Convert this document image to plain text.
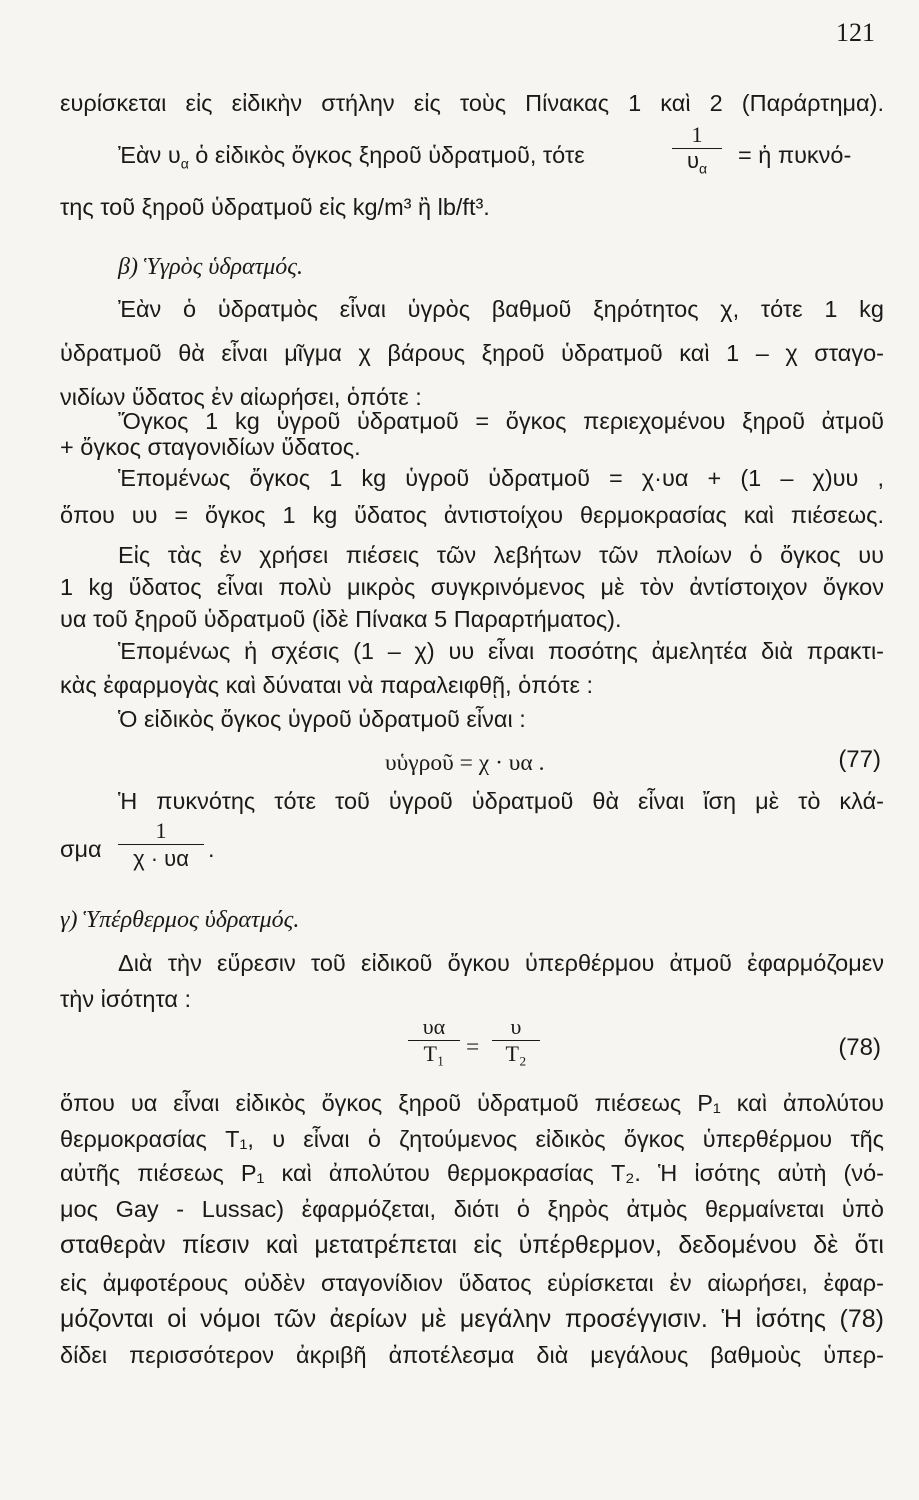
121
ευρίσκεται εἰς εἰδικὴν στήλην εἰς τοὺς Πίνακας 1 καὶ 2 (Παράρτημα).
Ἐὰν $\upsilon_\alpha$ ὁ εἰδικὸς ὄγκος ξηροῦ ὑδρατμοῦ, τότε	$\frac{1}{\upsilon_\alpha}$ = ἡ πυκνό-
της τοῦ ξηροῦ ὑδρατμοῦ εἰς kg/m³ ἢ lb/ft³.
β) Ὑγρὸς ὑδρατμός.
Ἐὰν ὁ ὑδρατμὸς εἶναι ὑγρὸς βαθμοῦ ξηρότητος χ, τότε 1 kg
ὑδρατμοῦ θὰ εἶναι μῖγμα χ βάρους ξηροῦ ὑδρατμοῦ καὶ 1 – χ σταγο-
νιδίων ὕδατος ἐν αἰωρήσει, ὁπότε :
Ὄγκος 1 kg ὑγροῦ ὑδρατμοῦ = ὄγκος περιεχομένου ξηροῦ ἀτμοῦ
+ ὄγκος σταγονιδίων ὕδατος.
Ἑπομένως ὄγκος 1 kg ὑγροῦ ὑδρατμοῦ = χ·υα + (1 – χ)υυ ,
ὅπου υυ = ὄγκος 1 kg ὕδατος ἀντιστοίχου θερμοκρασίας καὶ πιέσεως.
Εἰς τὰς ἐν χρήσει πιέσεις τῶν λεβήτων τῶν πλοίων ὁ ὄγκος υυ
1 kg ὕδατος εἶναι πολὺ μικρὸς συγκρινόμενος μὲ τὸν ἀντίστοιχον ὄγκον
υα τοῦ ξηροῦ ὑδρατμοῦ (ἰδὲ Πίνακα 5 Παραρτήματος).
Ἑπομένως ἡ σχέσις (1 – χ) υυ εἶναι ποσότης ἀμελητέα διὰ πρακτι-
κὰς ἐφαρμογὰς καὶ δύναται νὰ παραλειφθῇ, ὁπότε :
Ὁ εἰδικὸς ὄγκος ὑγροῦ ὑδρατμοῦ εἶναι :
υὑγροῦ = χ · υα .	(77)
Ἡ πυκνότης τότε τοῦ ὑγροῦ ὑδρατμοῦ θὰ εἶναι ἴση μὲ τὸ κλά-
σμα $\frac{1}{\chi \cdot \upsilon\alpha}$ .
γ) Ὑπέρθερμος ὑδρατμός.
Διὰ τὴν εὕρεσιν τοῦ εἰδικοῦ ὄγκου ὑπερθέρμου ἀτμοῦ ἐφαρμόζομεν
τὴν ἰσότητα :
υα
T₁ =
υ
T₂	(78)
ὅπου υα εἶναι εἰδικὸς ὄγκος ξηροῦ ὑδρατμοῦ πιέσεως P₁ καὶ ἀπολύτου
θερμοκρασίας T₁, υ εἶναι ὁ ζητούμενος εἰδικὸς ὄγκος ὑπερθέρμου τῆς
αὐτῆς πιέσεως P₁ καὶ ἀπολύτου θερμοκρασίας T₂. Ἡ ἰσότης αὐτὴ (νό-
μος Gay - Lussac) ἐφαρμόζεται, διότι ὁ ξηρὸς ἀτμὸς θερμαίνεται ὑπὸ
σταθερὰν πίεσιν καὶ μετατρέπεται εἰς ὑπέρθερμον, δεδομένου δὲ ὅτι
εἰς ἀμφοτέρους οὐδὲν σταγονίδιον ὕδατος εὑρίσκεται ἐν αἰωρήσει, ἐφαρ-
μόζονται οἱ νόμοι τῶν ἀερίων μὲ μεγάλην προσέγγισιν. Ἡ ἰσότης (78)
δίδει περισσότερον ἀκριβῆ ἀποτέλεσμα διὰ μεγάλους βαθμοὺς ὑπερ-
